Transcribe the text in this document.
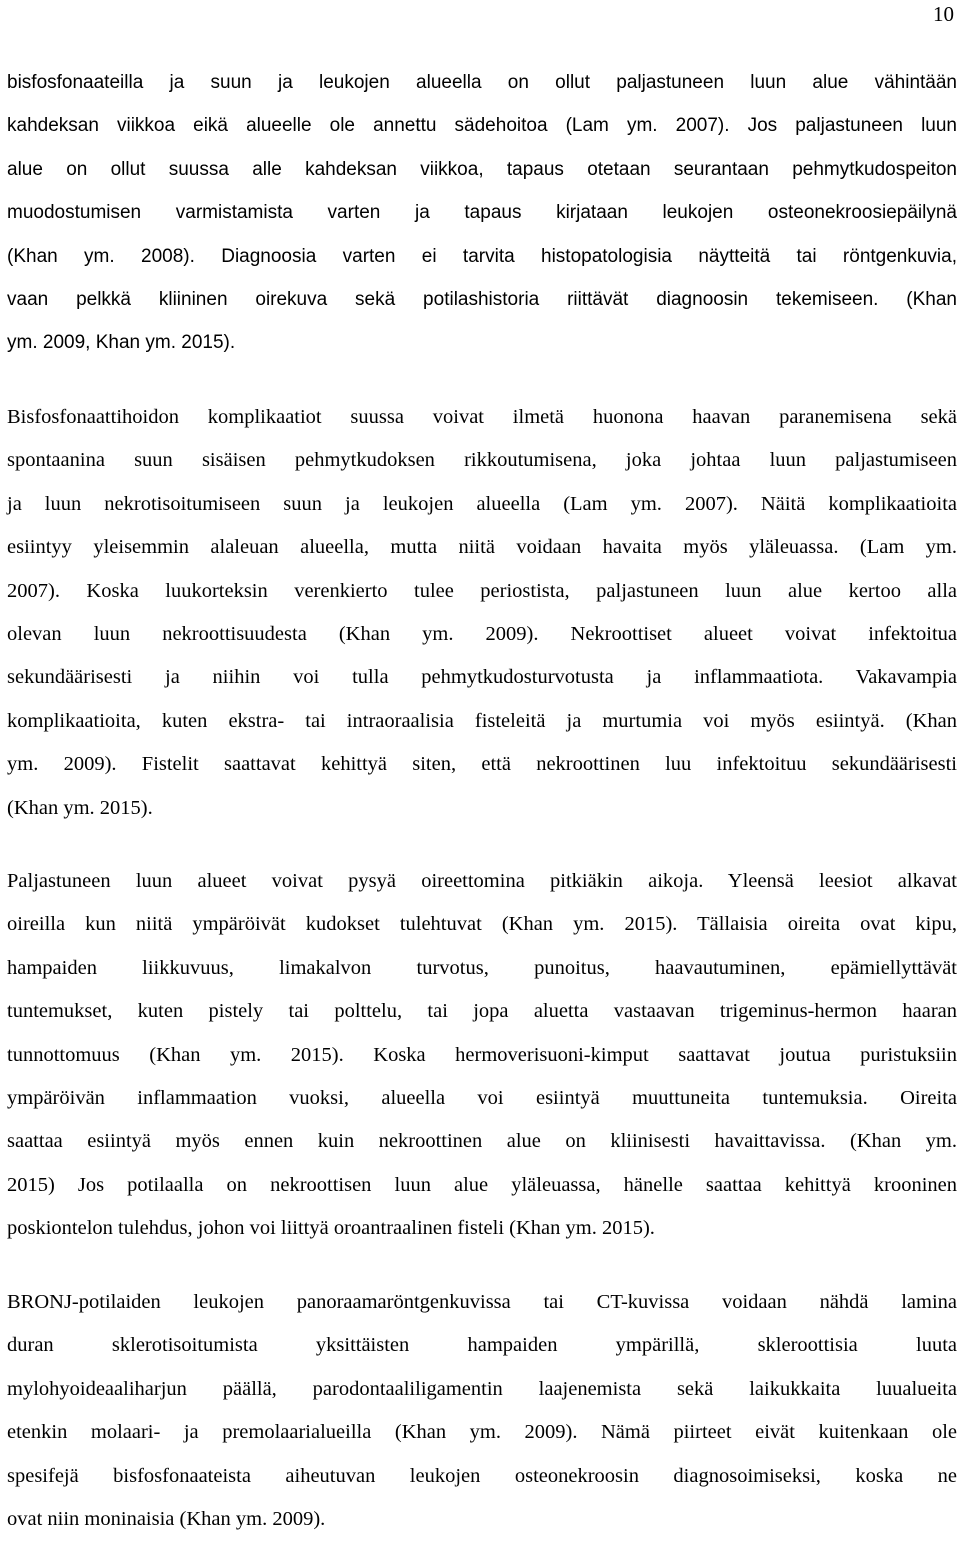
10

bisfosfonaateilla ja suun ja leukojen alueella on ollut paljastuneen luun alue vähintään
kahdeksan viikkoa eikä alueelle ole annettu sädehoitoa (Lam ym. 2007). Jos paljastuneen luun
alue on ollut suussa alle kahdeksan viikkoa, tapaus otetaan seurantaan pehmytkudospeiton
muodostumisen varmistamista varten ja tapaus kirjataan leukojen osteonekroosiepäilynä
(Khan ym. 2008). Diagnoosia varten ei tarvita histopatologisia näytteitä tai röntgenkuvia,
vaan pelkkä kliininen oirekuva sekä potilashistoria riittävät diagnoosin tekemiseen. (Khan
ym. 2009, Khan ym. 2015).

Bisfosfonaattihoidon komplikaatiot suussa voivat ilmetä huonona haavan paranemisena sekä
spontaanina suun sisäisen pehmytkudoksen rikkoutumisena, joka johtaa luun paljastumiseen
ja luun nekrotisoitumiseen suun ja leukojen alueella (Lam ym. 2007). Näitä komplikaatioita
esiintyy yleisemmin alaleuan alueella, mutta niitä voidaan havaita myös yläleuassa. (Lam ym.
2007). Koska luukorteksin verenkierto tulee periostista, paljastuneen luun alue kertoo alla
olevan luun nekroottisuudesta (Khan ym. 2009). Nekroottiset alueet voivat infektoitua
sekundäärisesti ja niihin voi tulla pehmytkudosturvotusta ja inflammaatiota. Vakavampia
komplikaatioita, kuten ekstra- tai intraoraalisia fisteleitä ja murtumia voi myös esiintyä. (Khan
ym. 2009). Fistelit saattavat kehittyä siten, että nekroottinen luu infektoituu sekundäärisesti
(Khan ym. 2015).

Paljastuneen luun alueet voivat pysyä oireettomina pitkiäkin aikoja. Yleensä leesiot alkavat
oireilla kun niitä ympäröivät kudokset tulehtuvat (Khan ym. 2015). Tällaisia oireita ovat kipu,
hampaiden liikkuvuus, limakalvon turvotus, punoitus, haavautuminen, epämiellyttävät
tuntemukset, kuten pistely tai polttelu, tai jopa aluetta vastaavan trigeminus-hermon haaran
tunnottomuus (Khan ym. 2015). Koska hermoverisuoni-kimput saattavat joutua puristuksiin
ympäröivän inflammaation vuoksi, alueella voi esiintyä muuttuneita tuntemuksia. Oireita
saattaa esiintyä myös ennen kuin nekroottinen alue on kliinisesti havaittavissa. (Khan ym.
2015) Jos potilaalla on nekroottisen luun alue yläleuassa, hänelle saattaa kehittyä krooninen
poskiontelon tulehdus, johon voi liittyä oroantraalinen fisteli (Khan ym. 2015).

BRONJ-potilaiden leukojen panoraamaröntgenkuvissa tai CT-kuvissa voidaan nähdä lamina
duran sklerotisoitumista yksittäisten hampaiden ympärillä, skleroottisia luuta
mylohyoideaaliharjun päällä, parodontaaliligamentin laajenemista sekä laikukkaita luualueita
etenkin molaari- ja premolaarialueilla (Khan ym. 2009). Nämä piirteet eivät kuitenkaan ole
spesifejä bisfosfonaateista aiheutuvan leukojen osteonekroosin diagnosoimiseksi, koska ne
ovat niin moninaisia (Khan ym. 2009).
